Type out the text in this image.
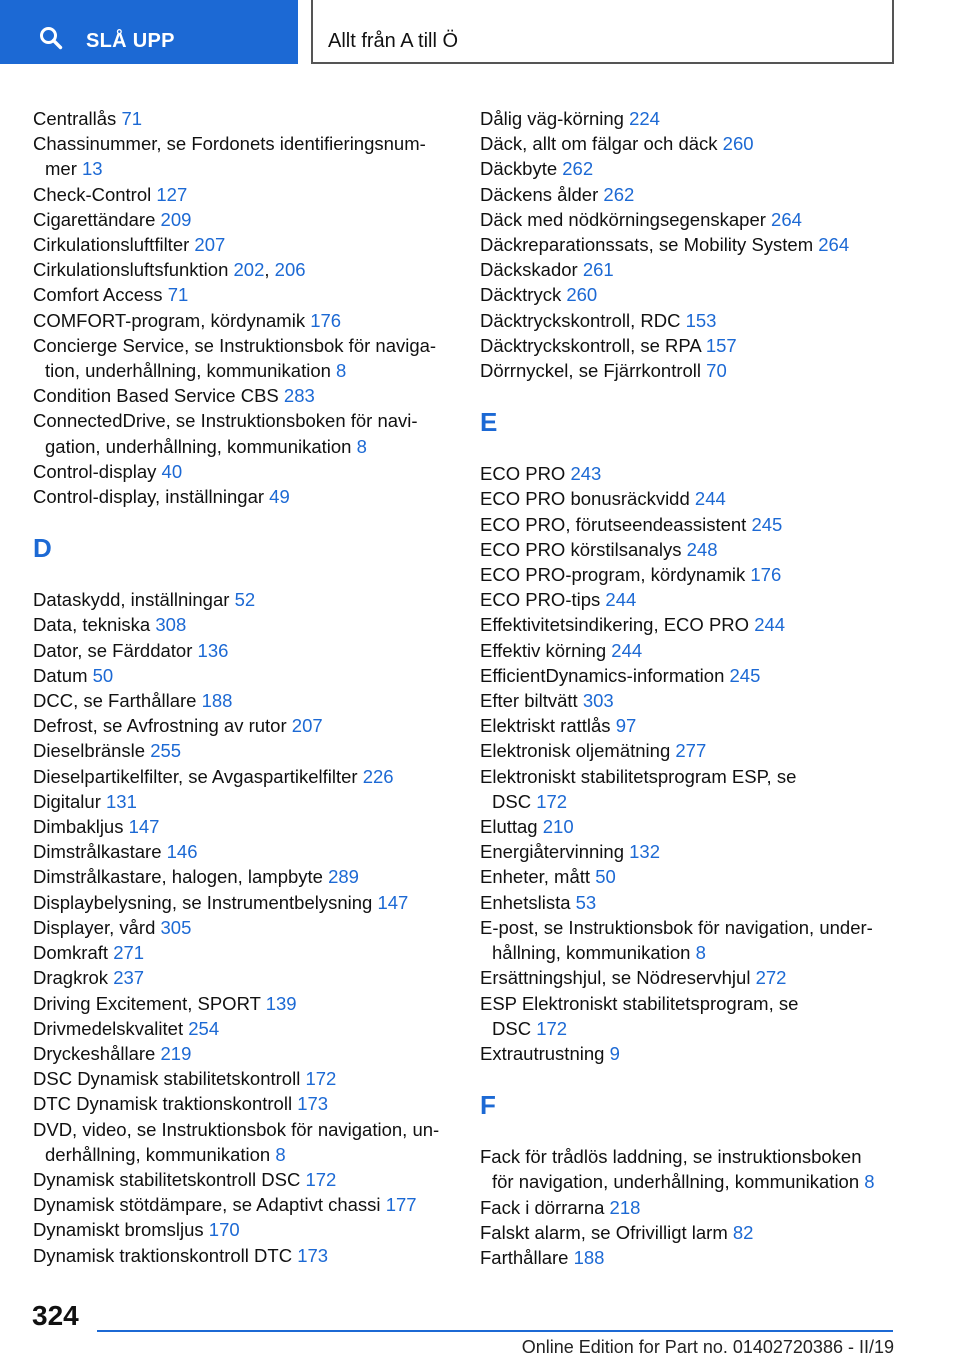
SLÅ UPP	Allt från A till Ö
Centrallås 71
Chassinummer, se Fordonets identifieringsnum-
mer 13
Check-Control 127
Cigarettändare 209
Cirkulationsluftfilter 207
Cirkulationsluftsfunktion 202, 206
Comfort Access 71
COMFORT-program, kördynamik 176
Concierge Service, se Instruktionsbok för naviga-
tion, underhållning, kommunikation 8
Condition Based Service CBS 283
ConnectedDrive, se Instruktionsboken för navi-
gation, underhållning, kommunikation 8
Control-display 40
Control-display, inställningar 49
D
Dataskydd, inställningar 52
Data, tekniska 308
Dator, se Färddator 136
Datum 50
DCC, se Farthållare 188
Defrost, se Avfrostning av rutor 207
Dieselbränsle 255
Dieselpartikelfilter, se Avgaspartikelfilter 226
Digitalur 131
Dimbakljus 147
Dimstrålkastare 146
Dimstrålkastare, halogen, lampbyte 289
Displaybelysning, se Instrumentbelysning 147
Displayer, vård 305
Domkraft 271
Dragkrok 237
Driving Excitement, SPORT 139
Drivmedelskvalitet 254
Dryckeshållare 219
DSC Dynamisk stabilitetskontroll 172
DTC Dynamisk traktionskontroll 173
DVD, video, se Instruktionsbok för navigation, un-
derhållning, kommunikation 8
Dynamisk stabilitetskontroll DSC 172
Dynamisk stötdämpare, se Adaptivt chassi 177
Dynamiskt bromsljus 170
Dynamisk traktionskontroll DTC 173
Dålig väg-körning 224
Däck, allt om fälgar och däck 260
Däckbyte 262
Däckens ålder 262
Däck med nödkörningsegenskaper 264
Däckreparationssats, se Mobility System 264
Däckskador 261
Däcktryck 260
Däcktryckskontroll, RDC 153
Däcktryckskontroll, se RPA 157
Dörrnyckel, se Fjärrkontroll 70
E
ECO PRO 243
ECO PRO bonusräckvidd 244
ECO PRO, förutseendeassistent 245
ECO PRO körstilsanalys 248
ECO PRO-program, kördynamik 176
ECO PRO-tips 244
Effektivitetsindikering, ECO PRO 244
Effektiv körning 244
EfficientDynamics-information 245
Efter biltvätt 303
Elektriskt rattlås 97
Elektronisk oljemätning 277
Elektroniskt stabilitetsprogram ESP, se
DSC 172
Eluttag 210
Energiåtervinning 132
Enheter, mått 50
Enhetslista 53
E-post, se Instruktionsbok för navigation, under-
hållning, kommunikation 8
Ersättningshjul, se Nödreservhjul 272
ESP Elektroniskt stabilitetsprogram, se
DSC 172
Extrautrustning 9
F
Fack för trådlös laddning, se instruktionsboken
för navigation, underhållning, kommunikation 8
Fack i dörrarna 218
Falskt alarm, se Ofrivilligt larm 82
Farthållare 188
324
Online Edition for Part no. 01402720386 - II/19
